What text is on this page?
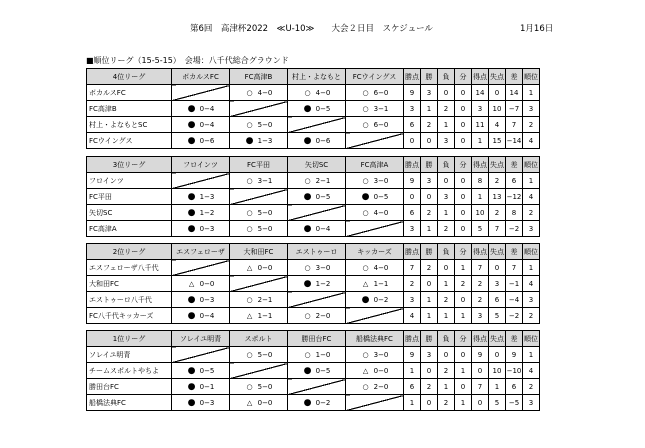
第6回　高津杯2022　≪U-10≫　　大会２日目　スケジュール	1月16日
■順位リーグ（15-5-15）　会場：八千代総合グラウンド
4位リーグ	ボカルスFC	FC高津B	村上・よなもと	FCウイングス	勝点	勝	負	分	得点	失点	差	順位
ボカルスFC		○ 4−0	○ 4−0	○ 6−0	9	3	0	0	14	0	14	1
FC高津B	● 0−4		● 0−5	○ 3−1	3	1	2	0	3	10	−7	3
村上・よなもとSC	● 0−4	○ 5−0		○ 6−0	6	2	1	0	11	4	7	2
FCウイングス	● 0−6	● 1−3	● 0−6		0	0	3	0	1	15	−14	4
3位リーグ	フロインツ	FC平田	矢切SC	FC高津A	勝点	勝	負	分	得点	失点	差	順位
フロインツ		○ 3−1	○ 2−1	○ 3−0	9	3	0	0	8	2	6	1
FC平田	● 1−3		● 0−5	● 0−5	0	0	3	0	1	13	−12	4
矢切SC	● 1−2	○ 5−0		○ 4−0	6	2	1	0	10	2	8	2
FC高津A	● 0−3	○ 5−0	● 0−4		3	1	2	0	5	7	−2	3
2位リーグ	エスフェローザ	大和田FC	エストゥーロ	キッカーズ	勝点	勝	負	分	得点	失点	差	順位
エスフェローザ八千代		△ 0−0	○ 3−0	○ 4−0	7	2	0	1	7	0	7	1
大和田FC	△ 0−0		● 1−2	△ 1−1	2	0	1	2	2	3	−1	4
エストゥーロ八千代	● 0−3	○ 2−1		● 0−2	3	1	2	0	2	6	−4	3
FC八千代キッカーズ	● 0−4	△ 1−1	○ 2−0		4	1	1	1	3	5	−2	2
1位リーグ	ソレイユ明青	スポルト	勝田台FC	船橋法典FC	勝点	勝	負	分	得点	失点	差	順位
ソレイユ明青		○ 5−0	○ 1−0	○ 3−0	9	3	0	0	9	0	9	1
チームスポルトやちよ	● 0−5		● 0−5	△ 0−0	1	0	2	1	0	10	−10	4
勝田台FC	● 0−1	○ 5−0		○ 2−0	6	2	1	0	7	1	6	2
船橋法典FC	● 0−3	△ 0−0	● 0−2		1	0	2	1	0	5	−5	3
